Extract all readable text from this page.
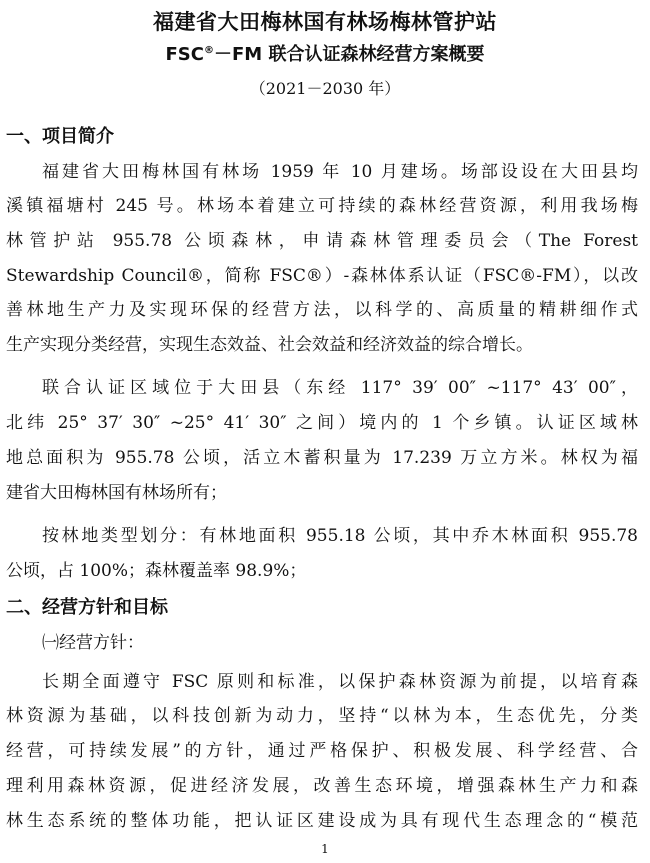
福建省大田梅林国有林场梅林管护站
FSC®－FM 联合认证森林经营方案概要
（2021－2030 年）
一、项目简介
福建省大田梅林国有林场 1959 年 10 月建场。场部设设在大田县均
溪镇福塘村 245 号。林场本着建立可持续的森林经营资源，利用我场梅
林管护站 955.78 公顷森林，申请森林管理委员会（The Forest
Stewardship Council®，简称 FSC®）-森林体系认证（FSC®-FM），以改
善林地生产力及实现环保的经营方法，以科学的、高质量的精耕细作式
生产实现分类经营，实现生态效益、社会效益和经济效益的综合增长。
联合认证区域位于大田县（东经 117° 39′ 00″ ~117° 43′ 00″，
北纬 25° 37′ 30″ ~25° 41′ 30″ 之间）境内的 1 个乡镇。认证区域林
地总面积为 955.78 公顷，活立木蓄积量为 17.239 万立方米。林权为福
建省大田梅林国有林场所有；
按林地类型划分：有林地面积 955.18 公顷，其中乔木林面积 955.78
公顷，占 100%；森林覆盖率 98.9%；
二、经营方针和目标
㈠经营方针：
长期全面遵守 FSC 原则和标准，以保护森林资源为前提，以培育森
林资源为基础，以科技创新为动力，坚持“以林为本，生态优先，分类
经营，可持续发展”的方针，通过严格保护、积极发展、科学经营、合
理利用森林资源，促进经济发展，改善生态环境，增强森林生产力和森
林生态系统的整体功能，把认证区建设成为具有现代生态理念的“模范
1
